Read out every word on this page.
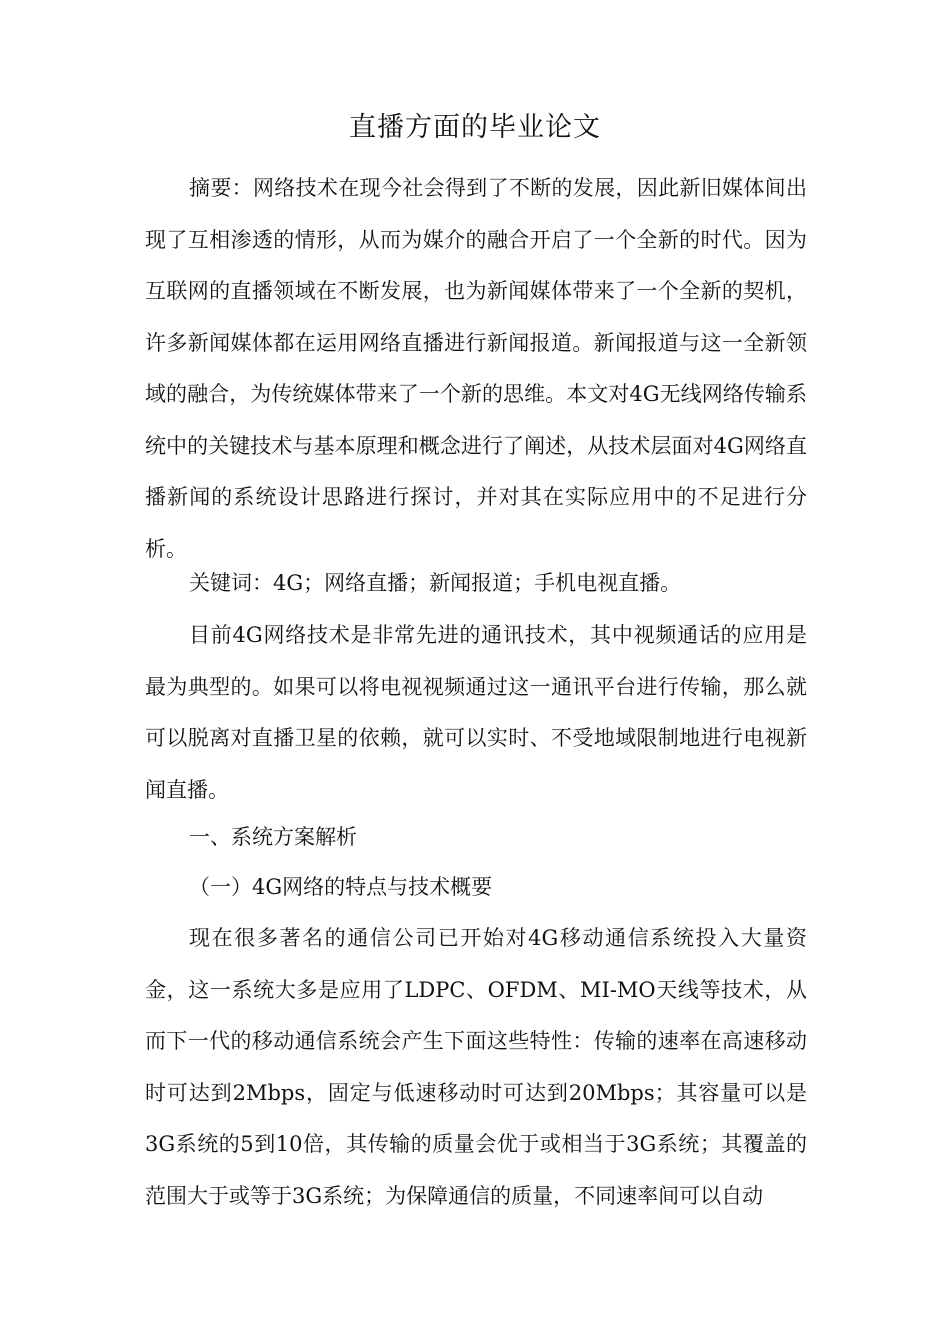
直播方面的毕业论文

摘要：网络技术在现今社会得到了不断的发展，因此新旧媒体间出现了互相渗透的情形，从而为媒介的融合开启了一个全新的时代。因为互联网的直播领域在不断发展，也为新闻媒体带来了一个全新的契机，许多新闻媒体都在运用网络直播进行新闻报道。新闻报道与这一全新领域的融合，为传统媒体带来了一个新的思维。本文对4G无线网络传输系统中的关键技术与基本原理和概念进行了阐述，从技术层面对4G网络直播新闻的系统设计思路进行探讨，并对其在实际应用中的不足进行分析。

关键词：4G；网络直播；新闻报道；手机电视直播。

目前4G网络技术是非常先进的通讯技术，其中视频通话的应用是最为典型的。如果可以将电视视频通过这一通讯平台进行传输，那么就可以脱离对直播卫星的依赖，就可以实时、不受地域限制地进行电视新闻直播。

一、系统方案解析

（一）4G网络的特点与技术概要

现在很多著名的通信公司已开始对4G移动通信系统投入大量资金，这一系统大多是应用了LDPC、OFDM、MI-MO天线等技术，从而下一代的移动通信系统会产生下面这些特性：传输的速率在高速移动时可达到2Mbps，固定与低速移动时可达到20Mbps；其容量可以是3G系统的5到10倍，其传输的质量会优于或相当于3G系统；其覆盖的范围大于或等于3G系统；为保障通信的质量，不同速率间可以自动
